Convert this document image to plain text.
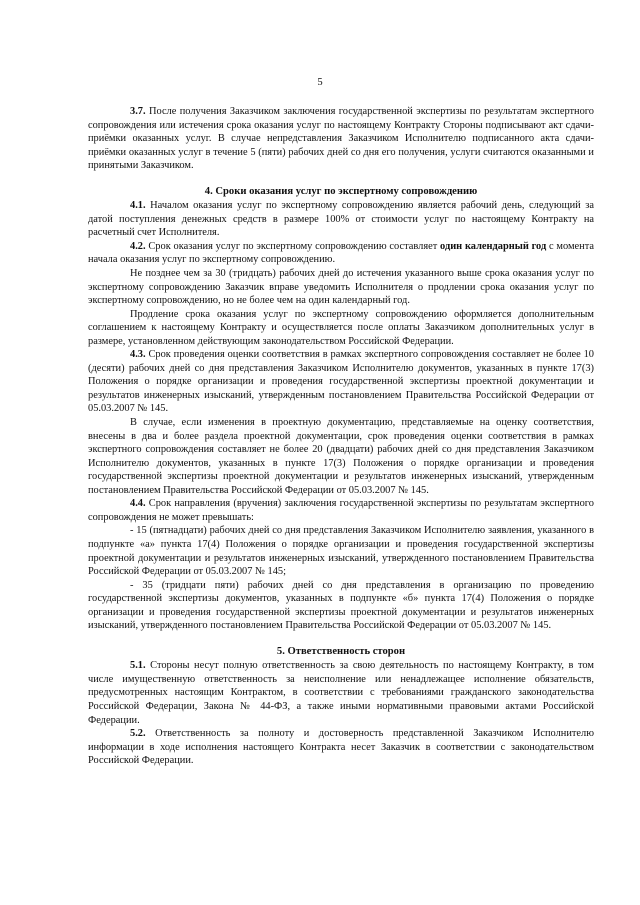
5

3.7. После получения Заказчиком заключения государственной экспертизы по результатам экспертного сопровождения или истечения срока оказания услуг по настоящему Контракту Стороны подписывают акт сдачи-приёмки оказанных услуг. В случае непредставления Заказчиком Исполнителю подписанного акта сдачи-приёмки оказанных услуг в течение 5 (пяти) рабочих дней со дня его получения, услуги считаются оказанными и принятыми Заказчиком.

4. Сроки оказания услуг по экспертному сопровождению

4.1. Началом оказания услуг по экспертному сопровождению является рабочий день, следующий за датой поступления денежных средств в размере 100% от стоимости услуг по настоящему Контракту на расчетный счет Исполнителя.

4.2. Срок оказания услуг по экспертному сопровождению составляет один календарный год с момента начала оказания услуг по экспертному сопровождению.

Не позднее чем за 30 (тридцать) рабочих дней до истечения указанного выше срока оказания услуг по экспертному сопровождению Заказчик вправе уведомить Исполнителя о продлении срока оказания услуг по экспертному сопровождению, но не более чем на один календарный год.

Продление срока оказания услуг по экспертному сопровождению оформляется дополнительным соглашением к настоящему Контракту и осуществляется после оплаты Заказчиком дополнительных услуг в размере, установленном действующим законодательством Российской Федерации.

4.3. Срок проведения оценки соответствия в рамках экспертного сопровождения составляет не более 10 (десяти) рабочих дней со дня представления Заказчиком Исполнителю документов, указанных в пункте 17(3) Положения о порядке организации и проведения государственной экспертизы проектной документации и результатов инженерных изысканий, утвержденным постановлением Правительства Российской Федерации от 05.03.2007 № 145.

В случае, если изменения в проектную документацию, представляемые на оценку соответствия, внесены в два и более раздела проектной документации, срок проведения оценки соответствия в рамках экспертного сопровождения составляет не более 20 (двадцати) рабочих дней со дня представления Заказчиком Исполнителю документов, указанных в пункте 17(3) Положения о порядке организации и проведения государственной экспертизы проектной документации и результатов инженерных изысканий, утвержденным постановлением Правительства Российской Федерации от 05.03.2007 № 145.

4.4. Срок направления (вручения) заключения государственной экспертизы по результатам экспертного сопровождения не может превышать:

- 15 (пятнадцати) рабочих дней со дня представления Заказчиком Исполнителю заявления, указанного в подпункте «а» пункта 17(4) Положения о порядке организации и проведения государственной экспертизы проектной документации и результатов инженерных изысканий, утвержденного постановлением Правительства Российской Федерации от 05.03.2007 № 145;

- 35 (тридцати пяти) рабочих дней со дня представления в организацию по проведению государственной экспертизы документов, указанных в подпункте «б» пункта 17(4) Положения о порядке организации и проведения государственной экспертизы проектной документации и результатов инженерных изысканий, утвержденного постановлением Правительства Российской Федерации от 05.03.2007 № 145.

5. Ответственность сторон

5.1. Стороны несут полную ответственность за свою деятельность по настоящему Контракту, в том числе имущественную ответственность за неисполнение или ненадлежащее исполнение обязательств, предусмотренных настоящим Контрактом, в соответствии с требованиями гражданского законодательства Российской Федерации, Закона № 44-ФЗ, а также иными нормативными правовыми актами Российской Федерации.

5.2. Ответственность за полноту и достоверность представленной Заказчиком Исполнителю информации в ходе исполнения настоящего Контракта несет Заказчик в соответствии с законодательством Российской Федерации.
